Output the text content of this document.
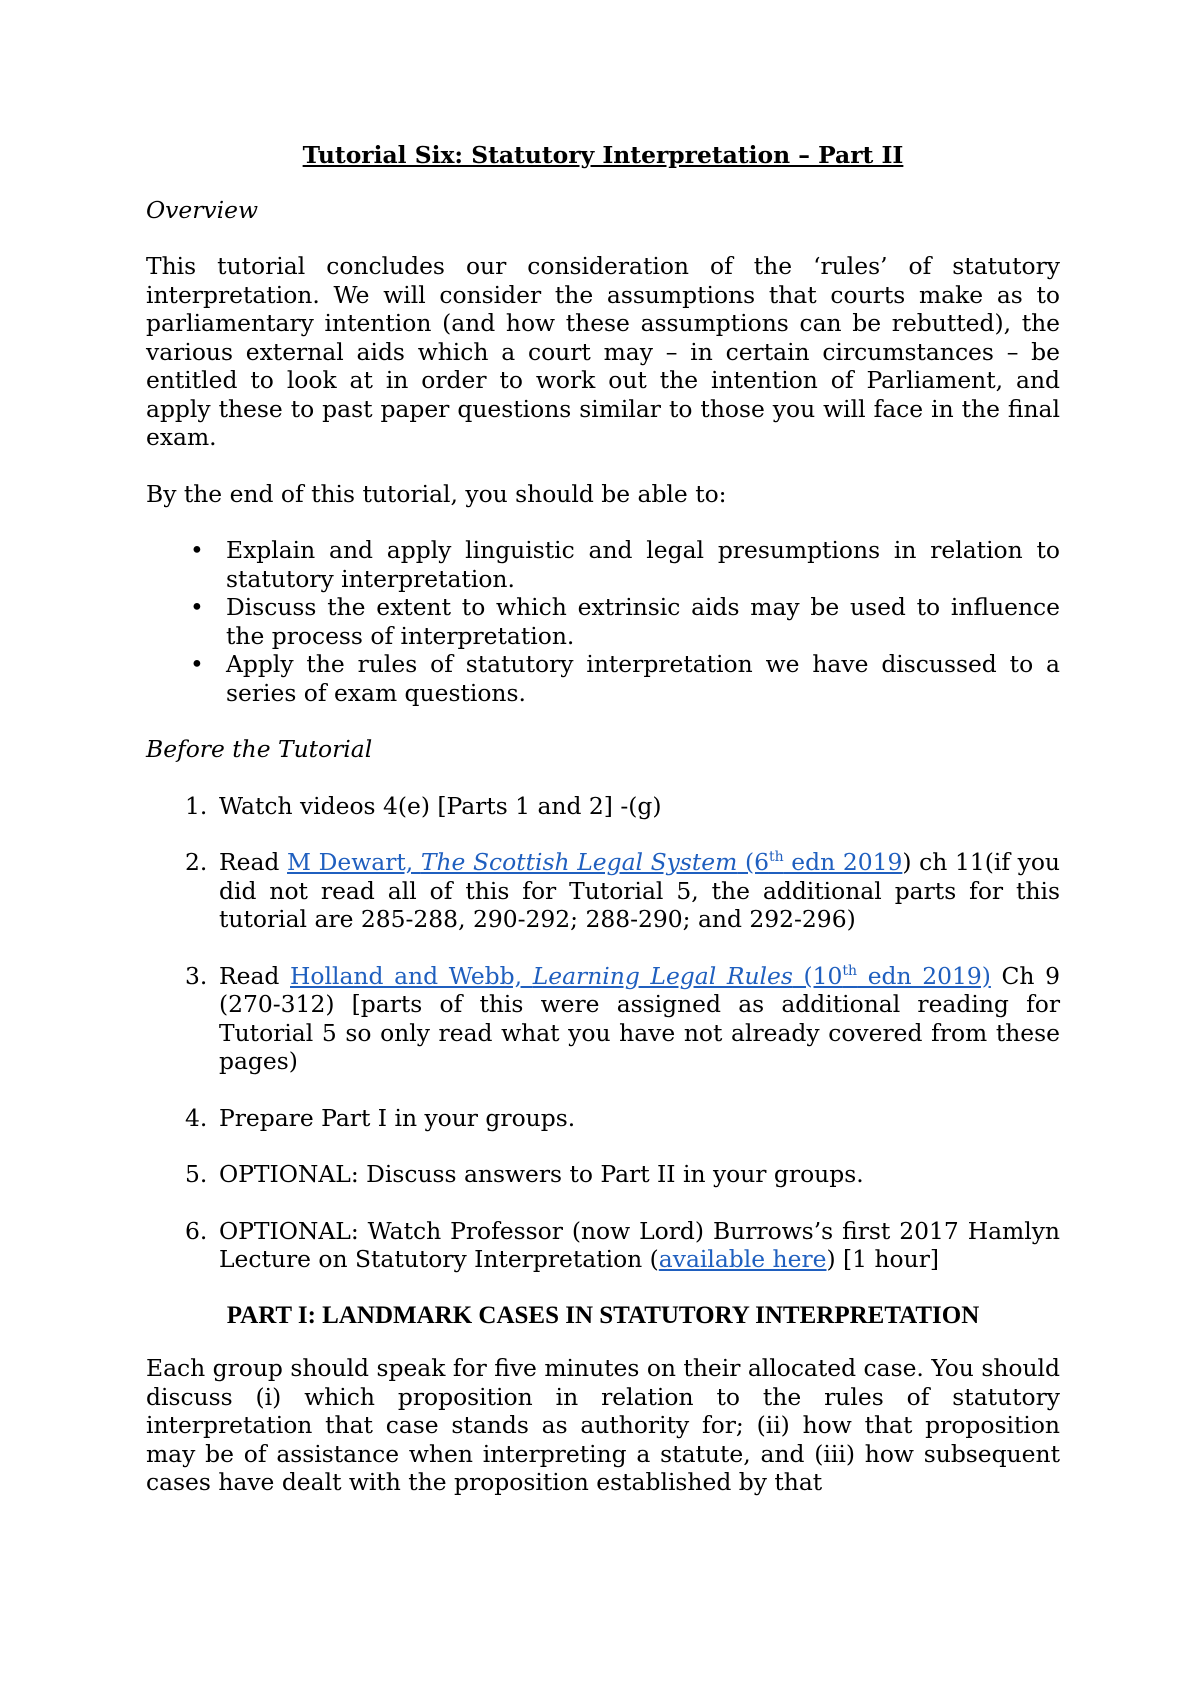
Tutorial Six: Statutory Interpretation – Part II
Overview

This tutorial concludes our consideration of the ‘rules’ of statutory interpretation. We will consider the assumptions that courts make as to parliamentary intention (and how these assumptions can be rebutted), the various external aids which a court may – in certain circumstances – be entitled to look at in order to work out the intention of Parliament, and apply these to past paper questions similar to those you will face in the final exam.

By the end of this tutorial, you should be able to:

• Explain and apply linguistic and legal presumptions in relation to statutory interpretation.
• Discuss the extent to which extrinsic aids may be used to influence the process of interpretation.
• Apply the rules of statutory interpretation we have discussed to a series of exam questions.
Before the Tutorial
1. Watch videos 4(e) [Parts 1 and 2] -(g)
2. Read M Dewart, The Scottish Legal System (6th edn 2019) ch 11(if you did not read all of this for Tutorial 5, the additional parts for this tutorial are 285-288, 290-292; 288-290; and 292-296)
3. Read Holland and Webb, Learning Legal Rules (10th edn 2019) Ch 9 (270-312) [parts of this were assigned as additional reading for Tutorial 5 so only read what you have not already covered from these pages)
4. Prepare Part I in your groups.
5. OPTIONAL: Discuss answers to Part II in your groups.
6. OPTIONAL: Watch Professor (now Lord) Burrows’s first 2017 Hamlyn Lecture on Statutory Interpretation (available here) [1 hour]
PART I: LANDMARK CASES IN STATUTORY INTERPRETATION

Each group should speak for five minutes on their allocated case. You should discuss (i) which proposition in relation to the rules of statutory interpretation that case stands as authority for; (ii) how that proposition may be of assistance when interpreting a statute, and (iii) how subsequent cases have dealt with the proposition established by that
